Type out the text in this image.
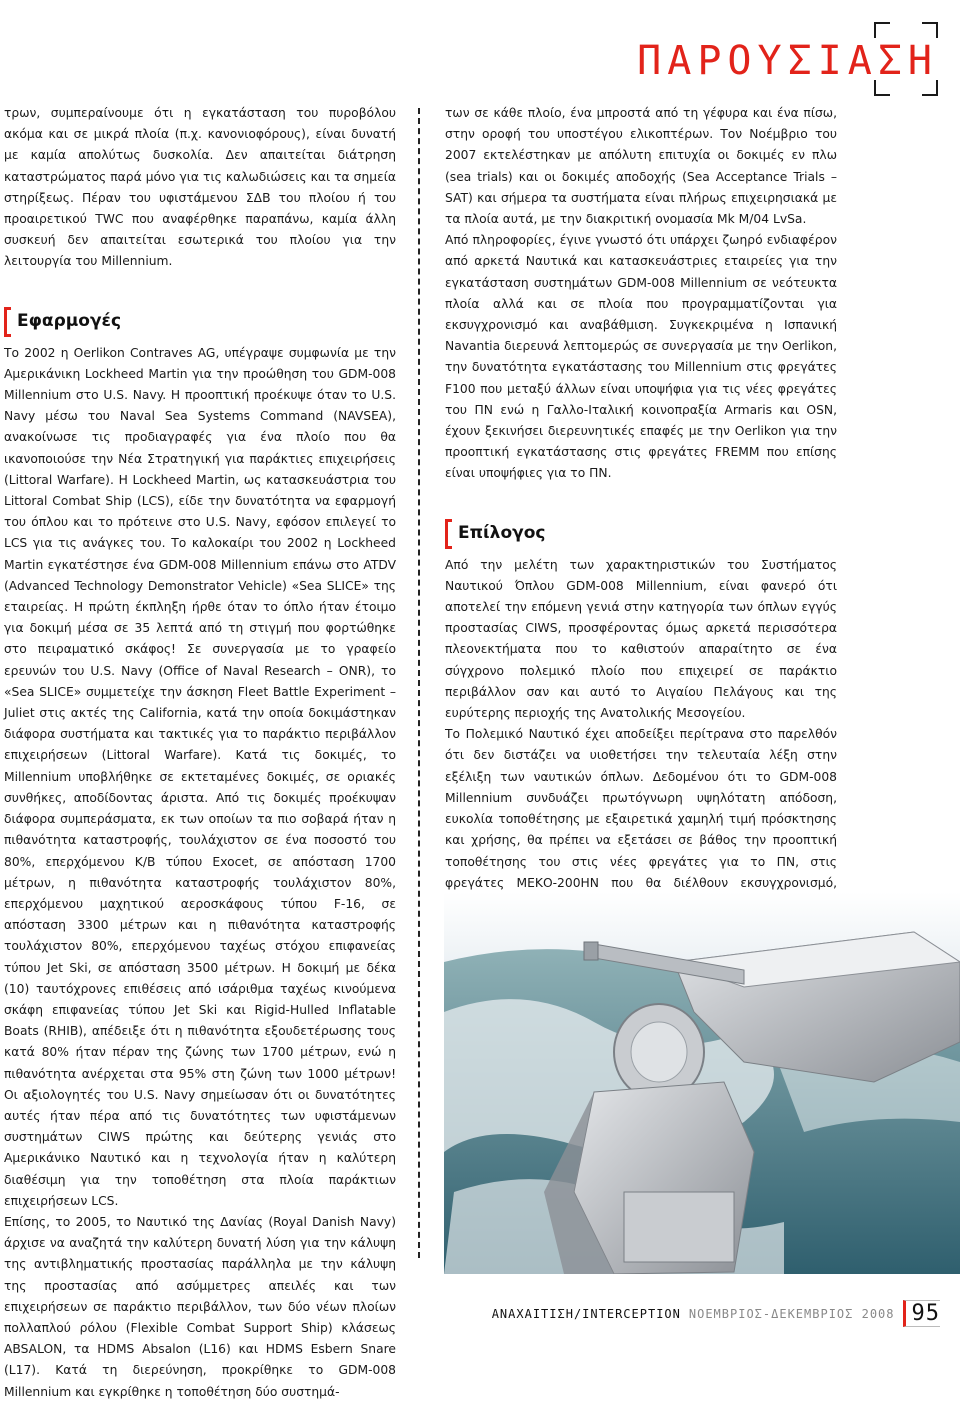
ΠΑΡΟΥΣΙΑΣΗ

τρων, συμπεραίνουμε ότι η εγκατάσταση του πυροβόλου ακόμα και σε μικρά πλοία (π.χ. κανονιοφόρους), είναι δυνατή με καμία απολύτως δυσκολία. Δεν απαιτείται διάτρηση καταστρώματος παρά μόνο για τις καλωδιώσεις και τα σημεία στηρίξεως. Πέραν του υφιστάμενου ΣΔΒ του πλοίου ή του προαιρετικού TWC που αναφέρθηκε παραπάνω, καμία άλλη συσκευή δεν απαιτείται εσωτερικά του πλοίου για την λειτουργία του Millennium.

Εφαρμογές

Το 2002 η Oerlikon Contraves AG, υπέγραψε συμφωνία με την Αμερικάνικη Lockheed Martin για την προώθηση του GDM-008 Millennium στο U.S. Navy. Η προοπτική προέκυψε όταν το U.S. Navy μέσω του Naval Sea Systems Command (NAVSEA), ανακοίνωσε τις προδιαγραφές για ένα πλοίο που θα ικανοποιούσε την Νέα Στρατηγική για παράκτιες επιχειρήσεις (Littoral Warfare). Η Lockheed Martin, ως κατασκευάστρια του Littoral Combat Ship (LCS), είδε την δυνατότητα να εφαρμογή του όπλου και το πρότεινε στο U.S. Navy, εφόσον επιλεγεί το LCS για τις ανάγκες του. Το καλοκαίρι του 2002 η Lockheed Martin εγκατέστησε ένα GDM-008 Millennium επάνω στο ATDV (Advanced Technology Demonstrator Vehicle) «Sea SLICE» της εταιρείας. Η πρώτη έκπληξη ήρθε όταν το όπλο ήταν έτοιμο για δοκιμή μέσα σε 35 λεπτά από τη στιγμή που φορτώθηκε στο πειραματικό σκάφος! Σε συνεργασία με το γραφείο ερευνών του U.S. Navy (Office of Naval Research – ONR), το «Sea SLICE» συμμετείχε την άσκηση Fleet Battle Experiment – Juliet στις ακτές της California, κατά την οποία δοκιμάστηκαν διάφορα συστήματα και τακτικές για το παράκτιο περιβάλλον επιχειρήσεων (Littoral Warfare). Κατά τις δοκιμές, το Millennium υποβλήθηκε σε εκτεταμένες δοκιμές, σε οριακές συνθήκες, αποδίδοντας άριστα. Από τις δοκιμές προέκυψαν διάφορα συμπεράσματα, εκ των οποίων τα πιο σοβαρά ήταν η πιθανότητα καταστροφής, τουλάχιστον σε ένα ποσοστό του 80%, επερχόμενου Κ/Β τύπου Exocet, σε απόσταση 1700 μέτρων, η πιθανότητα καταστροφής τουλάχιστον 80%, επερχόμενου μαχητικού αεροσκάφους τύπου F-16, σε απόσταση 3300 μέτρων και η πιθανότητα καταστροφής τουλάχιστον 80%, επερχόμενου ταχέως στόχου επιφανείας τύπου Jet Ski, σε απόσταση 3500 μέτρων. Η δοκιμή με δέκα (10) ταυτόχρονες επιθέσεις από ισάριθμα ταχέως κινούμενα σκάφη επιφανείας τύπου Jet Ski και Rigid-Hulled Inflatable Boats (RHIB), απέδειξε ότι η πιθανότητα εξουδετέρωσης τους κατά 80% ήταν πέραν της ζώνης των 1700 μέτρων, ενώ η πιθανότητα ανέρχεται στα 95% στη ζώνη των 1000 μέτρων! Οι αξιολογητές του U.S. Navy σημείωσαν ότι οι δυνατότητες αυτές ήταν πέρα από τις δυνατότητες των υφιστάμενων συστημάτων CIWS πρώτης και δεύτερης γενιάς στο Αμερικάνικο Ναυτικό και η τεχνολογία ήταν η καλύτερη διαθέσιμη για την τοποθέτηση στα πλοία παράκτιων επιχειρήσεων LCS.

Επίσης, το 2005, το Ναυτικό της Δανίας (Royal Danish Navy) άρχισε να αναζητά την καλύτερη δυνατή λύση για την κάλυψη της αντιβληματικής προστασίας παράλληλα με την κάλυψη της προστασίας από ασύμμετρες απειλές και των επιχειρήσεων σε παράκτιο περιβάλλον, των δύο νέων πλοίων πολλαπλού ρόλου (Flexible Combat Support Ship) κλάσεως ABSALON, τα HDMS Absalon (L16) και HDMS Esbern Snare (L17). Κατά τη διερεύνηση, προκρίθηκε το GDM-008 Millennium και εγκρίθηκε η τοποθέτηση δύο συστημά-

των σε κάθε πλοίο, ένα μπροστά από τη γέφυρα και ένα πίσω, στην οροφή του υποστέγου ελικοπτέρων. Τον Νοέμβριο του 2007 εκτελέστηκαν με απόλυτη επιτυχία οι δοκιμές εν πλω (sea trials) και οι δοκιμές αποδοχής (Sea Acceptance Trials – SAT) και σήμερα τα συστήματα είναι πλήρως επιχειρησιακά με τα πλοία αυτά, με την διακριτική ονομασία Mk M/04 LvSa.

Από πληροφορίες, έγινε γνωστό ότι υπάρχει ζωηρό ενδιαφέρον από αρκετά Ναυτικά και κατασκευάστριες εταιρείες για την εγκατάσταση συστημάτων GDM-008 Millennium σε νεότευκτα πλοία αλλά και σε πλοία που προγραμματίζονται για εκσυγχρονισμό και αναβάθμιση. Συγκεκριμένα η Ισπανική Navantia διερευνά λεπτομερώς σε συνεργασία με την Oerlikon, την δυνατότητα εγκατάστασης του Millennium στις φρεγάτες F100 που μεταξύ άλλων είναι υποψήφια για τις νέες φρεγάτες του ΠΝ ενώ η Γαλλο-Ιταλική κοινοπραξία Armaris και OSN, έχουν ξεκινήσει διερευνητικές επαφές με την Oerlikon για την προοπτική εγκατάστασης στις φρεγάτες FREMM που επίσης είναι υποψήφιες για το ΠΝ.

Επίλογος

Από την μελέτη των χαρακτηριστικών του Συστήματος Ναυτικού Όπλου GDM-008 Millennium, είναι φανερό ότι αποτελεί την επόμενη γενιά στην κατηγορία των όπλων εγγύς προστασίας CIWS, προσφέροντας όμως αρκετά περισσότερα πλεονεκτήματα που το καθιστούν απαραίτητο σε ένα σύγχρονο πολεμικό πλοίο που επιχειρεί σε παράκτιο περιβάλλον σαν και αυτό το Αιγαίου Πελάγους και της ευρύτερης περιοχής της Ανατολικής Μεσογείου.

Το Πολεμικό Ναυτικό έχει αποδείξει περίτρανα στο παρελθόν ότι δεν διστάζει να υιοθετήσει την τελευταία λέξη στην εξέλιξη των ναυτικών όπλων. Δεδομένου ότι το GDM-008 Millennium συνδυάζει πρωτόγνωρη υψηλότατη απόδοση, ευκολία τοποθέτησης με εξαιρετικά χαμηλή τιμή πρόσκτησης και χρήσης, θα πρέπει να εξετάσει σε βάθος την προοπτική τοποθέτησης του στις νέες φρεγάτες για το ΠΝ, στις φρεγάτες ΜΕΚΟ-200ΗΝ που θα διέλθουν εκσυγχρονισμό,

ΑΝΑΧΑΙΤΙΣΗ/INTERCEPTION ΝΟΕΜΒΡΙΟΣ-ΔΕΚΕΜΒΡΙΟΣ 2008 95
